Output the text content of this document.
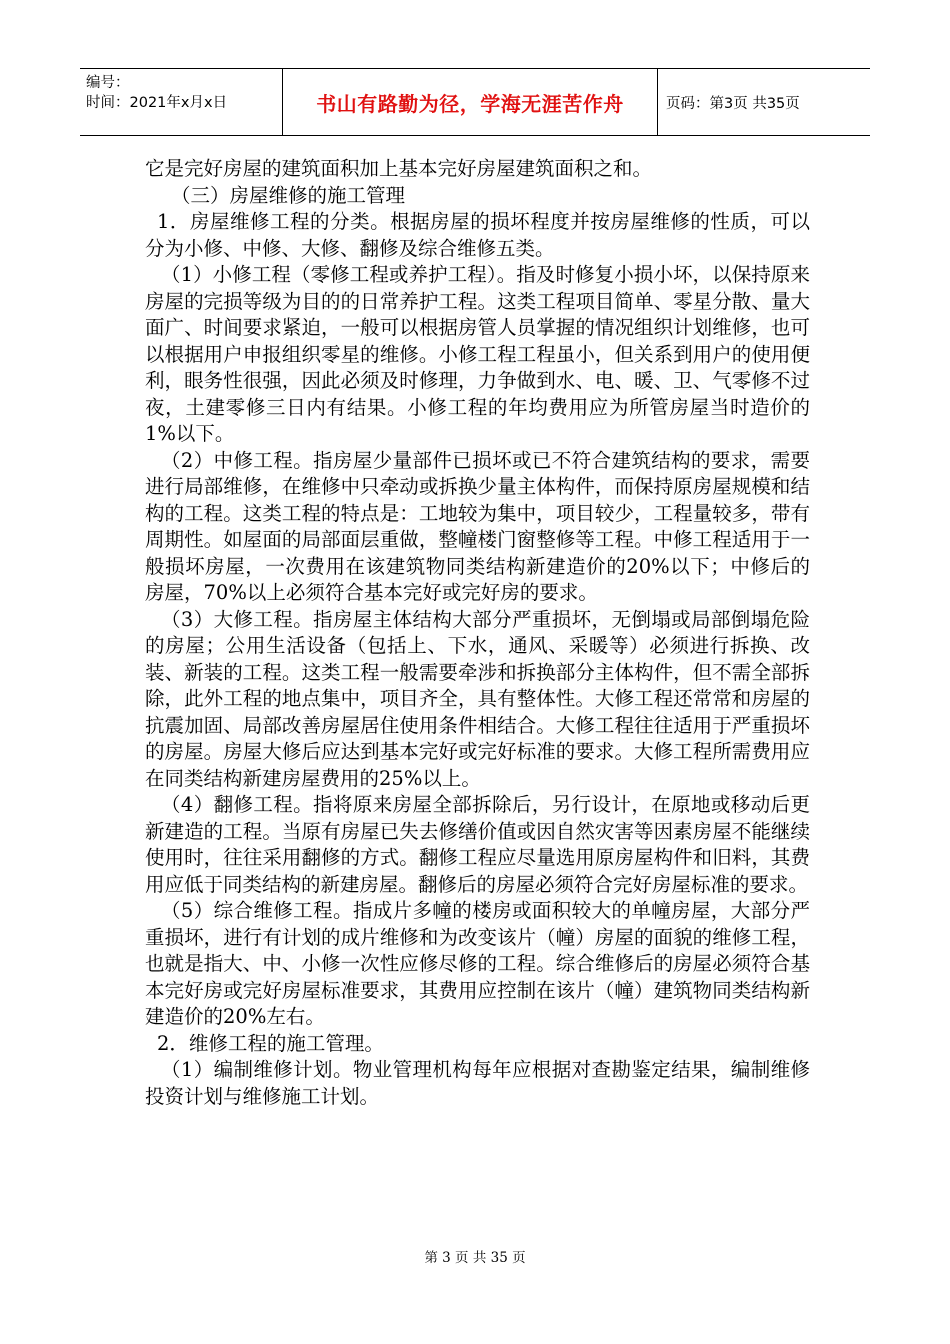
编号：
时间：2021年x月x日	书山有路勤为径，学海无涯苦作舟	页码：第3页 共35页

它是完好房屋的建筑面积加上基本完好房屋建筑面积之和。

（三）房屋维修的施工管理

1．房屋维修工程的分类。根据房屋的损坏程度并按房屋维修的性质，可以分为小修、中修、大修、翻修及综合维修五类。

（1）小修工程（零修工程或养护工程）。指及时修复小损小坏，以保持原来房屋的完损等级为目的的日常养护工程。这类工程项目简单、零星分散、量大面广、时间要求紧迫，一般可以根据房管人员掌握的情况组织计划维修，也可以根据用户申报组织零星的维修。小修工程工程虽小，但关系到用户的使用便利，眼务性很强，因此必须及时修理，力争做到水、电、暖、卫、气零修不过夜，土建零修三日内有结果。小修工程的年均费用应为所管房屋当时造价的1%以下。

（2）中修工程。指房屋少量部件已损坏或已不符合建筑结构的要求，需要进行局部维修，在维修中只牵动或拆换少量主体构件，而保持原房屋规模和结构的工程。这类工程的特点是：工地较为集中，项目较少，工程量较多，带有周期性。如屋面的局部面层重做，整幢楼门窗整修等工程。中修工程适用于一般损坏房屋，一次费用在该建筑物同类结构新建造价的20%以下；中修后的房屋，70%以上必须符合基本完好或完好房的要求。

（3）大修工程。指房屋主体结构大部分严重损坏，无倒塌或局部倒塌危险的房屋；公用生活设备（包括上、下水，通风、采暖等）必须进行拆换、改装、新装的工程。这类工程一般需要牵涉和拆换部分主体构件，但不需全部拆除，此外工程的地点集中，项目齐全，具有整体性。大修工程还常常和房屋的抗震加固、局部改善房屋居住使用条件相结合。大修工程往往适用于严重损坏的房屋。房屋大修后应达到基本完好或完好标准的要求。大修工程所需费用应在同类结构新建房屋费用的25%以上。

（4）翻修工程。指将原来房屋全部拆除后，另行设计，在原地或移动后更新建造的工程。当原有房屋已失去修缮价值或因自然灾害等因素房屋不能继续使用时，往往采用翻修的方式。翻修工程应尽量选用原房屋构件和旧料，其费用应低于同类结构的新建房屋。翻修后的房屋必须符合完好房屋标准的要求。

（5）综合维修工程。指成片多幢的楼房或面积较大的单幢房屋，大部分严重损坏，进行有计划的成片维修和为改变该片（幢）房屋的面貌的维修工程，也就是指大、中、小修一次性应修尽修的工程。综合维修后的房屋必须符合基本完好房或完好房屋标准要求，其费用应控制在该片（幢）建筑物同类结构新建造价的20%左右。

2．维修工程的施工管理。

（1）编制维修计划。物业管理机构每年应根据对查勘鉴定结果，编制维修投资计划与维修施工计划。

第 3 页 共 35 页
